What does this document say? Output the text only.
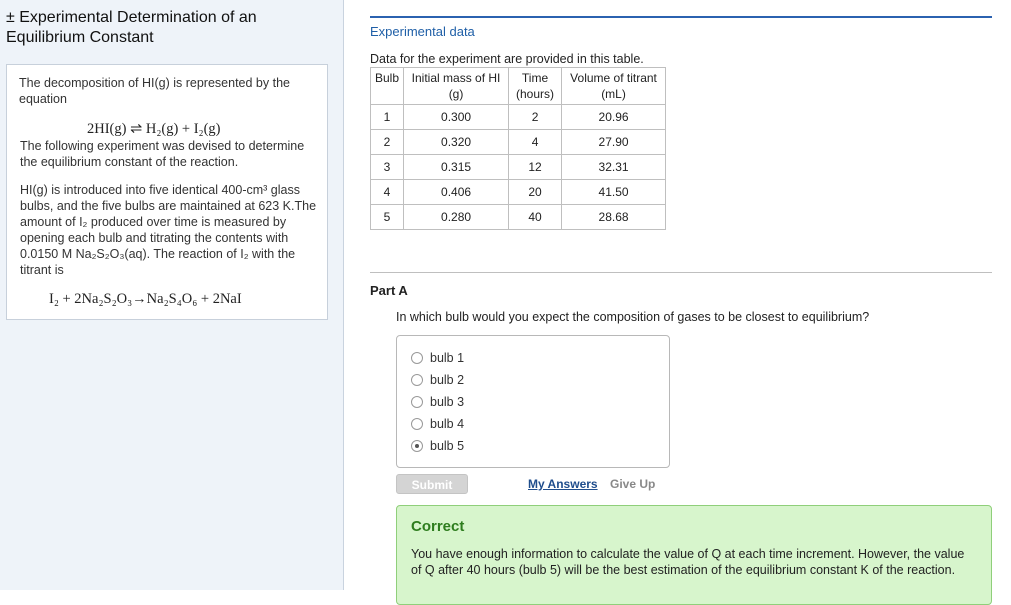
± Experimental Determination of an Equilibrium Constant

The decomposition of HI(g) is represented by the equation

2HI(g) ⇌ H₂(g) + I₂(g)

The following experiment was devised to determine the equilibrium constant of the reaction.

HI(g) is introduced into five identical 400-cm³ glass bulbs, and the five bulbs are maintained at 623 K.The amount of I₂ produced over time is measured by opening each bulb and titrating the contents with 0.0150 M Na₂S₂O₃(aq). The reaction of I₂ with the titrant is

I₂ + 2Na₂S₂O₃→Na₂S₄O₆ + 2NaI
Experimental data
Data for the experiment are provided in this table.
Bulb	Initial mass of HI (g)	Time (hours)	Volume of titrant (mL)
1	0.300	2	20.96
2	0.320	4	27.90
3	0.315	12	32.31
4	0.406	20	41.50
5	0.280	40	28.68
Part A
In which bulb would you expect the composition of gases to be closest to equilibrium?
bulb 1
bulb 2
bulb 3
bulb 4
bulb 5
Submit	My Answers Give Up
Correct
You have enough information to calculate the value of Q at each time increment. However, the value of Q after 40 hours (bulb 5) will be the best estimation of the equilibrium constant K of the reaction.
